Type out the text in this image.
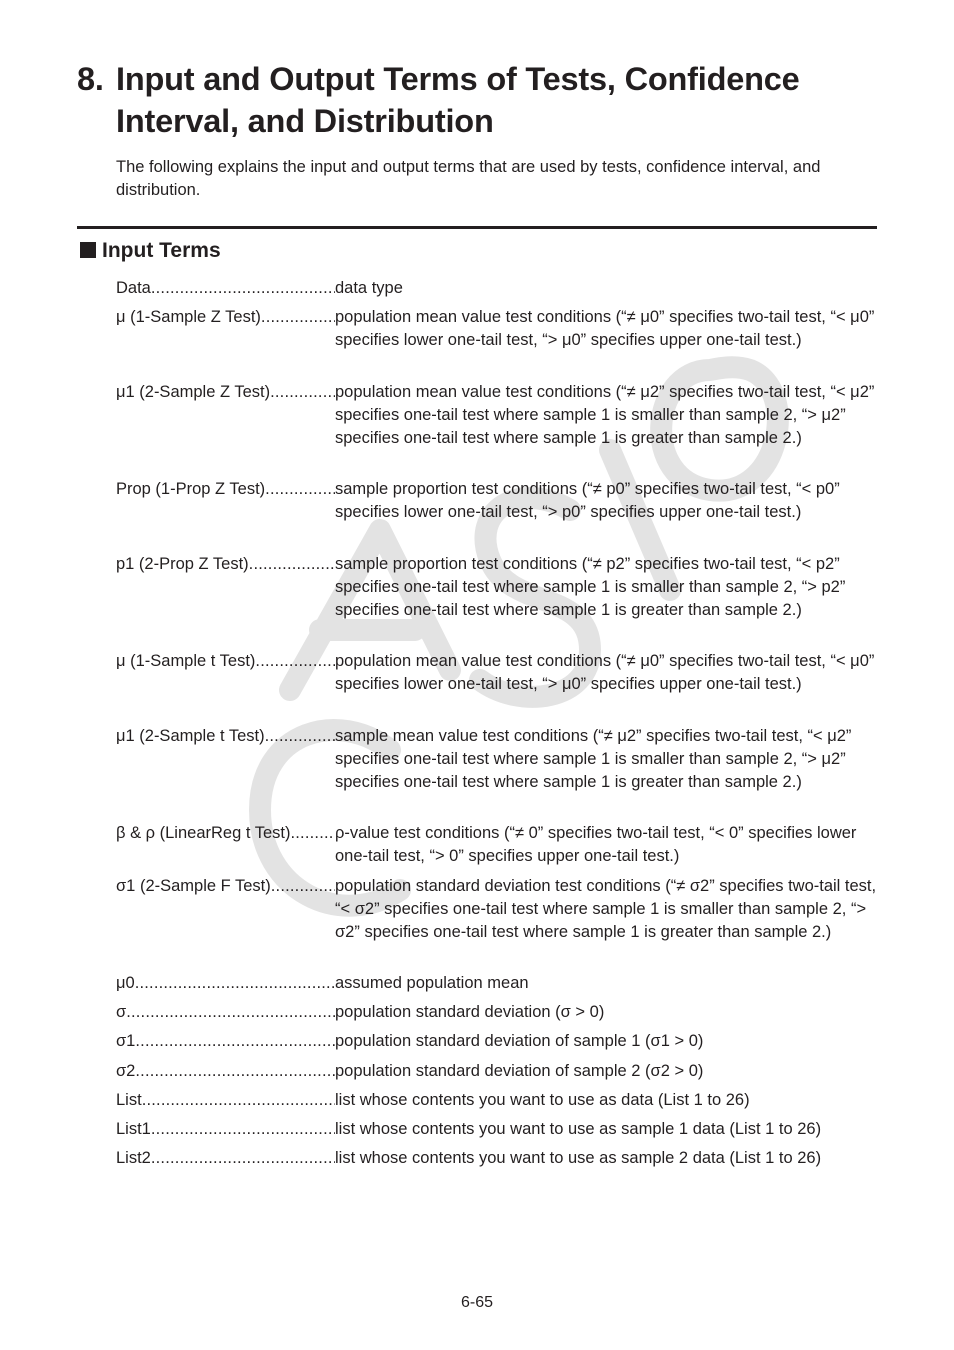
8. Input and Output Terms of Tests, Confidence
Interval, and Distribution

The following explains the input and output terms that are used by tests, confidence interval, and distribution.

Input Terms
Data .....	data type
μ (1-Sample Z Test) .....	population mean value test conditions (“≠ μ0” specifies two-tail test, “< μ0” specifies lower one-tail test, “> μ0” specifies upper one-tail test.)
μ1 (2-Sample Z Test) .....	population mean value test conditions (“≠ μ2” specifies two-tail test, “< μ2” specifies one-tail test where sample 1 is smaller than sample 2, “> μ2” specifies one-tail test where sample 1 is greater than sample 2.)
Prop (1-Prop Z Test) .....	sample proportion test conditions (“≠ p0” specifies two-tail test, “< p0” specifies lower one-tail test, “> p0” specifies upper one-tail test.)
p1 (2-Prop Z Test) .....	sample proportion test conditions (“≠ p2” specifies two-tail test, “< p2” specifies one-tail test where sample 1 is smaller than sample 2, “> p2” specifies one-tail test where sample 1 is greater than sample 2.)
μ (1-Sample t Test) .....	population mean value test conditions (“≠ μ0” specifies two-tail test, “< μ0” specifies lower one-tail test, “> μ0” specifies upper one-tail test.)
μ1 (2-Sample t Test) .....	sample mean value test conditions (“≠ μ2” specifies two-tail test, “< μ2” specifies one-tail test where sample 1 is smaller than sample 2, “> μ2” specifies one-tail test where sample 1 is greater than sample 2.)
β & ρ (LinearReg t Test) .....	ρ-value test conditions (“≠ 0” specifies two-tail test, “< 0” specifies lower one-tail test, “> 0” specifies upper one-tail test.)
σ1 (2-Sample F Test) .....	population standard deviation test conditions (“≠ σ2” specifies two-tail test, “< σ2” specifies one-tail test where sample 1 is smaller than sample 2, “> σ2” specifies one-tail test where sample 1 is greater than sample 2.)
μ0 .....	assumed population mean
σ .....	population standard deviation (σ > 0)
σ1 .....	population standard deviation of sample 1 (σ1 > 0)
σ2 .....	population standard deviation of sample 2 (σ2 > 0)
List .....	list whose contents you want to use as data (List 1 to 26)
List1 .....	list whose contents you want to use as sample 1 data (List 1 to 26)
List2 .....	list whose contents you want to use as sample 2 data (List 1 to 26)
6-65
